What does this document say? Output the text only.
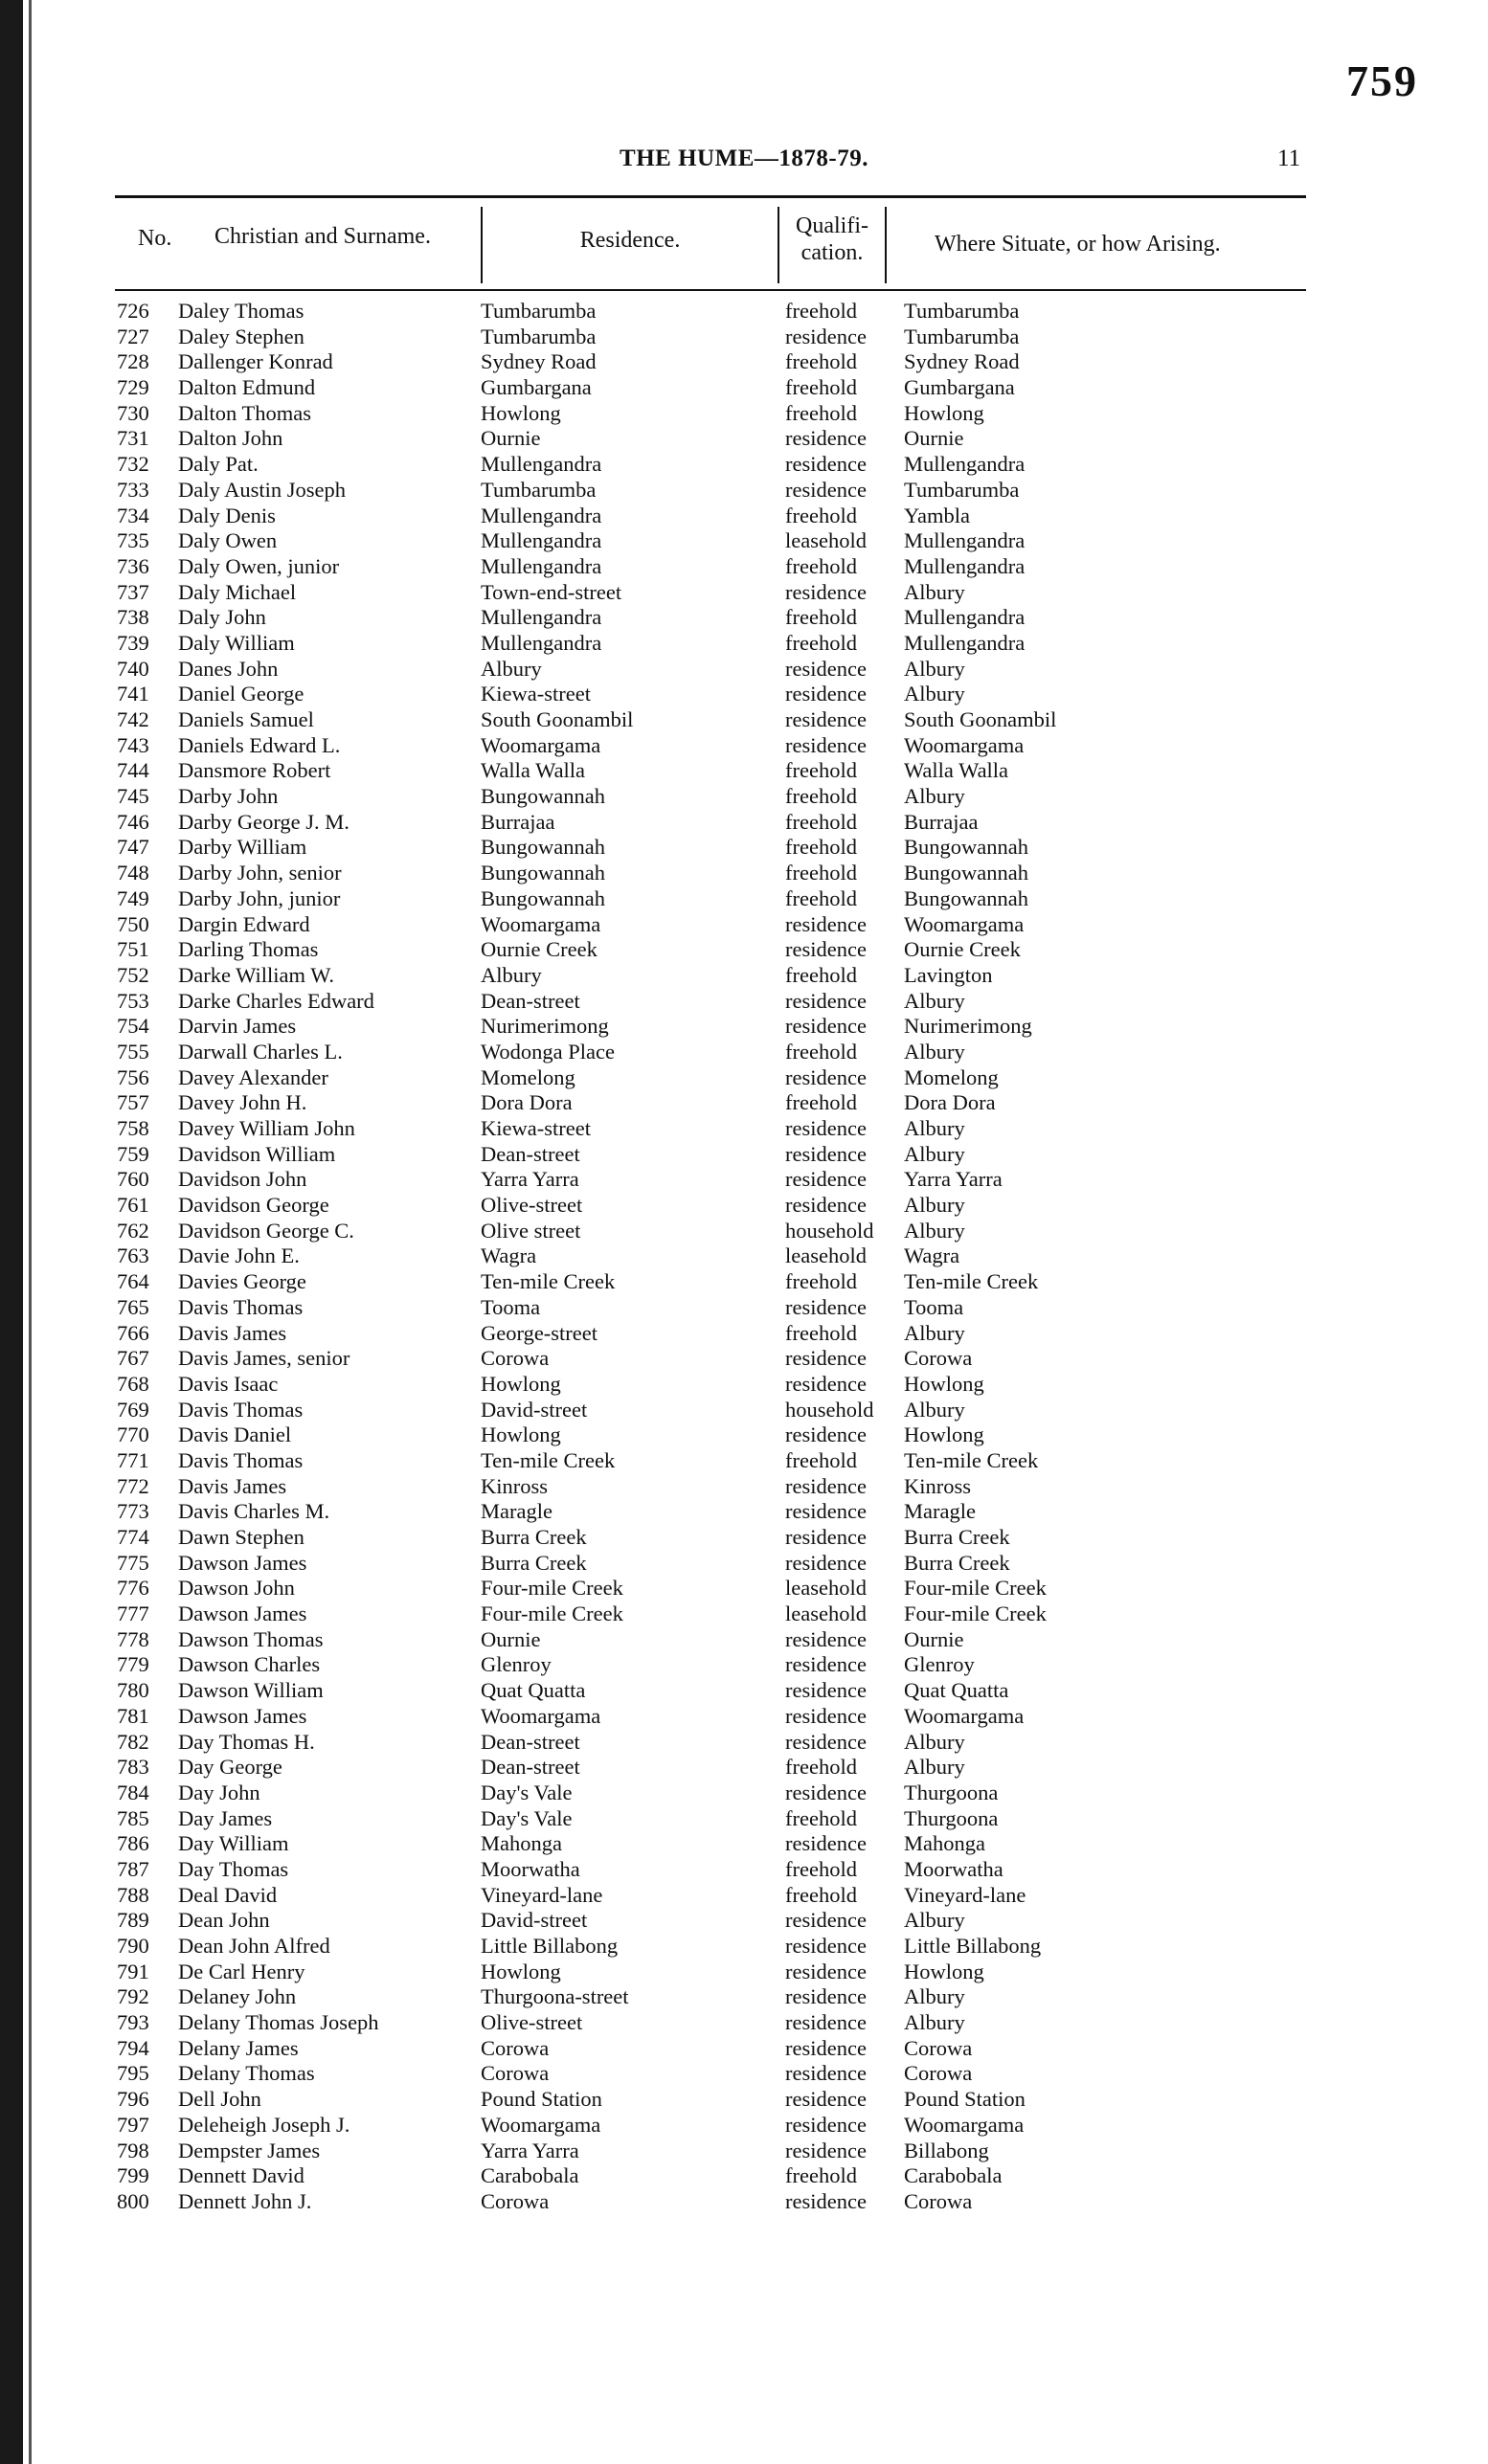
759
THE HUME—1878-79.	11
No. Christian and Surname.	Residence.
Qualifi-
cation.	Where Situate, or how Arising.
726 Daley Thomas	Tumbarumba	freehold Tumbarumba
727 Daley Stephen	Tumbarumba	residence Tumbarumba
728 Dallenger Konrad	Sydney Road	freehold Sydney Road
729 Dalton Edmund	Gumbargana	freehold Gumbargana
730 Dalton Thomas	Howlong	freehold Howlong
731 Dalton John	Ournie	residence Ournie
732 Daly Pat.	Mullengandra	residence Mullengandra
733 Daly Austin Joseph	Tumbarumba	residence Tumbarumba
734 Daly Denis	Mullengandra	freehold Yambla
735 Daly Owen	Mullengandra	leasehold Mullengandra
736 Daly Owen, junior	Mullengandra	freehold Mullengandra
737 Daly Michael	Town-end-street	residence Albury
738 Daly John	Mullengandra	freehold Mullengandra
739 Daly William	Mullengandra	freehold Mullengandra
740 Danes John	Albury	residence Albury
741 Daniel George	Kiewa-street	residence Albury
742 Daniels Samuel	South Goonambil	residence South Goonambil
743 Daniels Edward L.	Woomargama	residence Woomargama
744 Dansmore Robert	Walla Walla	freehold Walla Walla
745 Darby John	Bungowannah	freehold Albury
746 Darby George J. M.	Burrajaa	freehold Burrajaa
747 Darby William	Bungowannah	freehold Bungowannah
748 Darby John, senior	Bungowannah	freehold Bungowannah
749 Darby John, junior	Bungowannah	freehold Bungowannah
750 Dargin Edward	Woomargama	residence Woomargama
751 Darling Thomas	Ournie Creek	residence Ournie Creek
752 Darke William W.	Albury	freehold Lavington
753 Darke Charles Edward	Dean-street	residence Albury
754 Darvin James	Nurimerimong	residence Nurimerimong
755 Darwall Charles L.	Wodonga Place	freehold Albury
756 Davey Alexander	Momelong	residence Momelong
757 Davey John H.	Dora Dora	freehold Dora Dora
758 Davey William John	Kiewa-street	residence Albury
759 Davidson William	Dean-street	residence Albury
760 Davidson John	Yarra Yarra	residence Yarra Yarra
761 Davidson George	Olive-street	residence Albury
762 Davidson George C.	Olive street	household Albury
763 Davie John E.	Wagra	leasehold Wagra
764 Davies George	Ten-mile Creek	freehold Ten-mile Creek
765 Davis Thomas	Tooma	residence Tooma
766 Davis James	George-street	freehold Albury
767 Davis James, senior	Corowa	residence Corowa
768 Davis Isaac	Howlong	residence Howlong
769 Davis Thomas	David-street	household Albury
770 Davis Daniel	Howlong	residence Howlong
771 Davis Thomas	Ten-mile Creek	freehold Ten-mile Creek
772 Davis James	Kinross	residence Kinross
773 Davis Charles M.	Maragle	residence Maragle
774 Dawn Stephen	Burra Creek	residence Burra Creek
775 Dawson James	Burra Creek	residence Burra Creek
776 Dawson John	Four-mile Creek	leasehold Four-mile Creek
777 Dawson James	Four-mile Creek	leasehold Four-mile Creek
778 Dawson Thomas	Ournie	residence Ournie
779 Dawson Charles	Glenroy	residence Glenroy
780 Dawson William	Quat Quatta	residence Quat Quatta
781 Dawson James	Woomargama	residence Woomargama
782 Day Thomas H.	Dean-street	residence Albury
783 Day George	Dean-street	freehold Albury
784 Day John	Day's Vale	residence Thurgoona
785 Day James	Day's Vale	freehold Thurgoona
786 Day William	Mahonga	residence Mahonga
787 Day Thomas	Moorwatha	freehold Moorwatha
788 Deal David	Vineyard-lane	freehold Vineyard-lane
789 Dean John	David-street	residence Albury
790 Dean John Alfred	Little Billabong	residence Little Billabong
791 De Carl Henry	Howlong	residence Howlong
792 Delaney John	Thurgoona-street	residence Albury
793 Delany Thomas Joseph	Olive-street	residence Albury
794 Delany James	Corowa	residence Corowa
795 Delany Thomas	Corowa	residence Corowa
796 Dell John	Pound Station	residence Pound Station
797 Deleheigh Joseph J.	Woomargama	residence Woomargama
798 Dempster James	Yarra Yarra	residence Billabong
799 Dennett David	Carabobala	freehold Carabobala
800 Dennett John J.	Corowa	residence Corowa
